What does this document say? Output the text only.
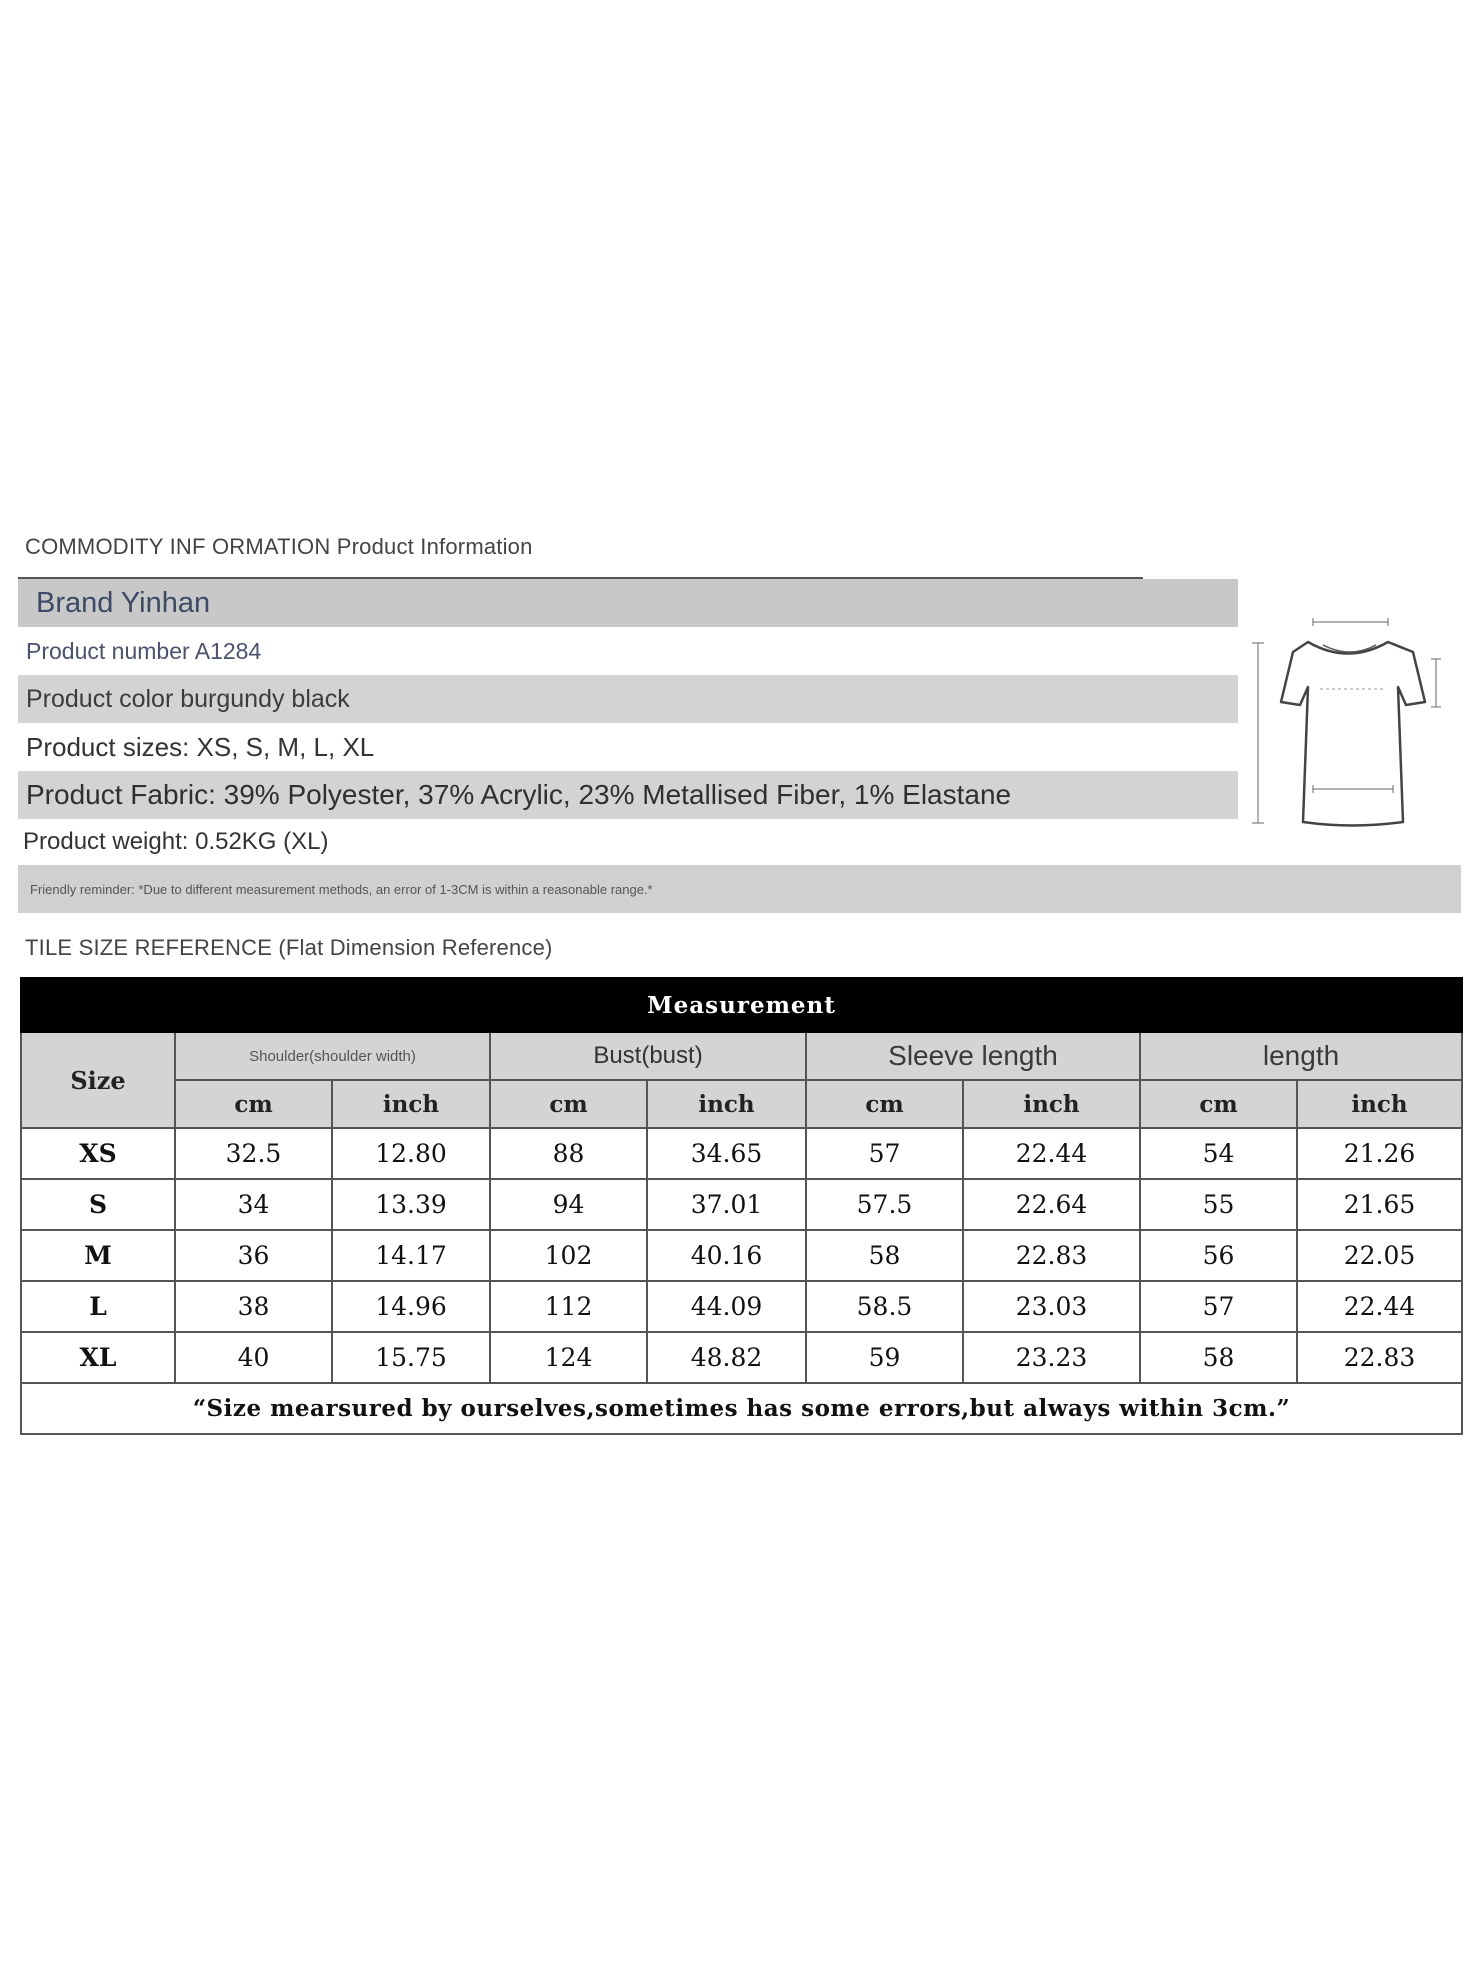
COMMODITY INF ORMATION Product Information
Brand Yinhan
Product number A1284
Product color burgundy black
Product sizes: XS, S, M, L, XL
Product Fabric: 39% Polyester, 37% Acrylic, 23% Metallised Fiber, 1% Elastane
Product weight: 0.52KG (XL)
Friendly reminder: *Due to different measurement methods, an error of 1-3CM is within a reasonable range.*
TILE SIZE REFERENCE (Flat Dimension Reference)
Measurement								
Size	Shoulder(shoulder width)		Bust(bust)		Sleeve length		length	
	cm	inch	cm	inch	cm	inch	cm	inch
XS	32.5	12.80	88	34.65	57	22.44	54	21.26
S	34	13.39	94	37.01	57.5	22.64	55	21.65
M	36	14.17	102	40.16	58	22.83	56	22.05
L	38	14.96	112	44.09	58.5	23.03	57	22.44
XL	40	15.75	124	48.82	59	23.23	58	22.83
“Size mearsured by ourselves,sometimes has some errors,but always within 3cm.”								
